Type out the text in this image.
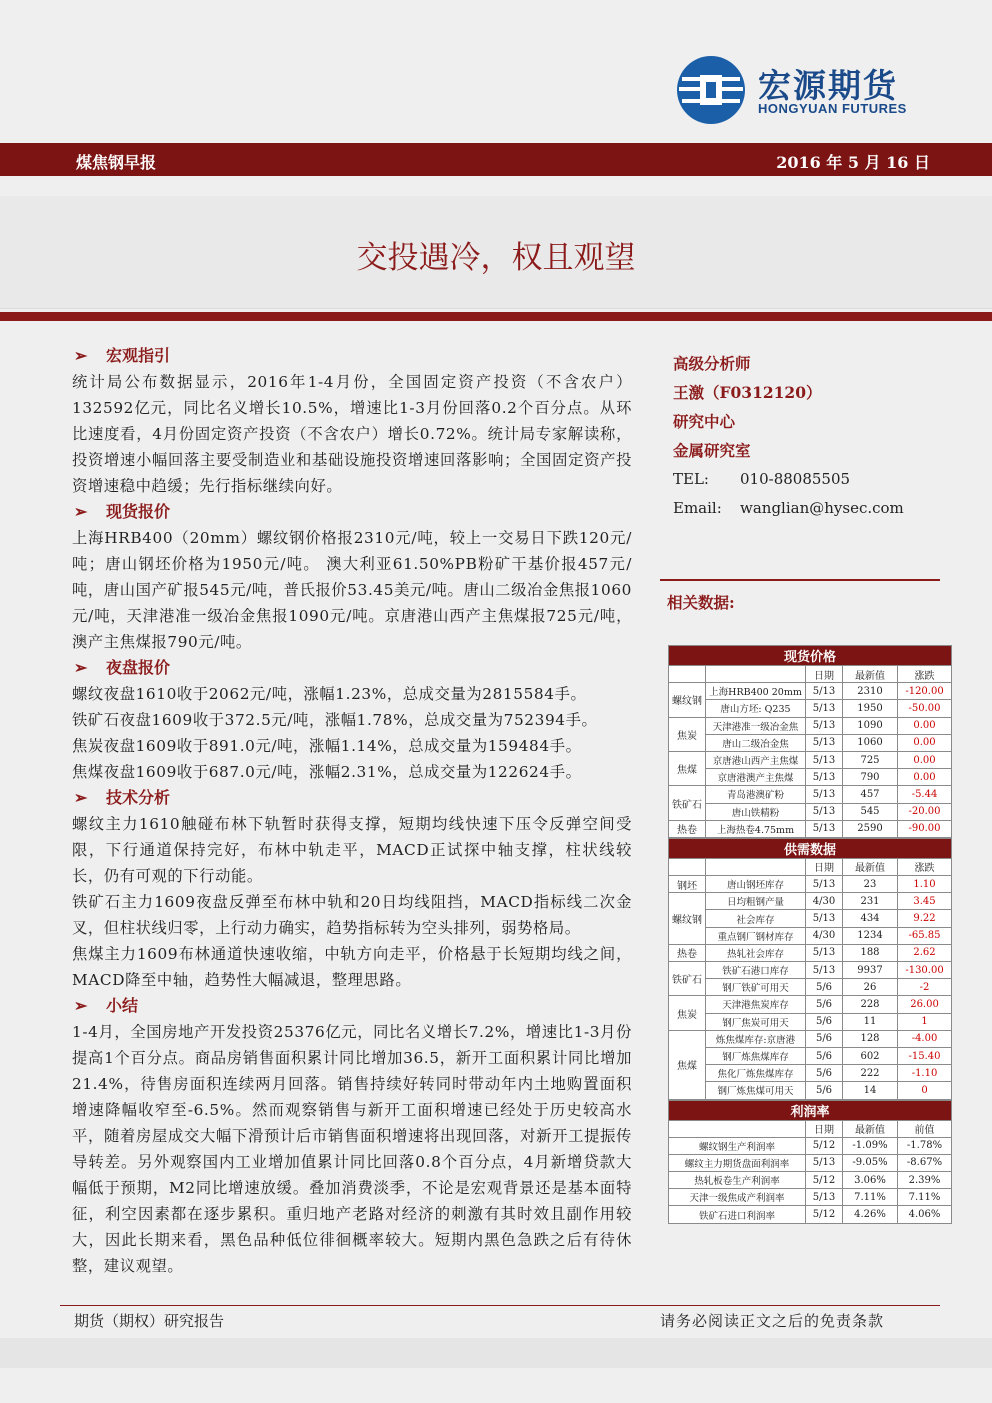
宏源期货
HONGYUAN FUTURES
煤焦钢早报	2016 年 5 月 16 日
交投遇冷，权且观望
➢ 宏观指引
统计局公布数据显示，2016年1-4月份，全国固定资产投资（不含农户）132592亿元，同比名义增长10.5%，增速比1-3月份回落0.2个百分点。从环比速度看，4月份固定资产投资（不含农户）增长0.72%。统计局专家解读称，投资增速小幅回落主要受制造业和基础设施投资增速回落影响；全国固定资产投资增速稳中趋缓；先行指标继续向好。
➢ 现货报价
上海HRB400（20mm）螺纹钢价格报2310元/吨，较上一交易日下跌120元/吨；唐山钢坯价格为1950元/吨。 澳大利亚61.50%PB粉矿干基价报457元/吨，唐山国产矿报545元/吨，普氏报价53.45美元/吨。唐山二级冶金焦报1060元/吨，天津港准一级冶金焦报1090元/吨。京唐港山西产主焦煤报725元/吨，澳产主焦煤报790元/吨。
➢ 夜盘报价
螺纹夜盘1610收于2062元/吨，涨幅1.23%，总成交量为2815584手。
铁矿石夜盘1609收于372.5元/吨，涨幅1.78%，总成交量为752394手。
焦炭夜盘1609收于891.0元/吨，涨幅1.14%，总成交量为159484手。
焦煤夜盘1609收于687.0元/吨，涨幅2.31%，总成交量为122624手。
➢ 技术分析
螺纹主力1610触碰布林下轨暂时获得支撑，短期均线快速下压令反弹空间受限，下行通道保持完好，布林中轨走平，MACD正试探中轴支撑，柱状线较长，仍有可观的下行动能。
铁矿石主力1609夜盘反弹至布林中轨和20日均线阻挡，MACD指标线二次金叉，但柱状线归零，上行动力确实，趋势指标转为空头排列，弱势格局。
焦煤主力1609布林通道快速收缩，中轨方向走平，价格悬于长短期均线之间，MACD降至中轴，趋势性大幅减退，整理思路。
➢ 小结
1-4月，全国房地产开发投资25376亿元，同比名义增长7.2%，增速比1-3月份提高1个百分点。商品房销售面积累计同比增加36.5，新开工面积累计同比增加21.4%，待售房面积连续两月回落。销售持续好转同时带动年内土地购置面积增速降幅收窄至-6.5%。然而观察销售与新开工面积增速已经处于历史较高水平，随着房屋成交大幅下滑预计后市销售面积增速将出现回落，对新开工提振传导转差。另外观察国内工业增加值累计同比回落0.8个百分点，4月新增贷款大幅低于预期，M2同比增速放缓。叠加消费淡季，不论是宏观背景还是基本面特征，利空因素都在逐步累积。重归地产老路对经济的刺激有其时效且副作用较大，因此长期来看，黑色品种低位徘徊概率较大。短期内黑色急跌之后有待休整，建议观望。
高级分析师
王激（F0312120）
研究中心
金属研究室
TEL:	010-88085505
Email:	wanglian@hysec.com
相关数据:
现货价格				
		日期	最新值	涨跌
螺纹钢	上海HRB400 20mm	5/13	2310	-120.00
	唐山方坯: Q235	5/13	1950	-50.00
焦炭	天津港准一级冶金焦	5/13	1090	0.00
	唐山二级冶金焦	5/13	1060	0.00
焦煤	京唐港山西产主焦煤	5/13	725	0.00
	京唐港澳产主焦煤	5/13	790	0.00
铁矿石	青岛港澳矿粉	5/13	457	-5.44
	唐山铁精粉	5/13	545	-20.00
热卷	上海热卷4.75mm	5/13	2590	-90.00
供需数据				
		日期	最新值	涨跌
钢坯	唐山钢坯库存	5/13	23	1.10
螺纹钢	日均粗钢产量	4/30	231	3.45
	社会库存	5/13	434	9.22
	重点钢厂钢材库存	4/30	1234	-65.85
热卷	热轧社会库存	5/13	188	2.62
铁矿石	铁矿石港口库存	5/13	9937	-130.00
	钢厂铁矿可用天	5/6	26	-2
焦炭	天津港焦炭库存	5/6	228	26.00
	钢厂焦炭可用天	5/6	11	1
焦煤	炼焦煤库存:京唐港	5/6	128	-4.00
	钢厂炼焦煤库存	5/6	602	-15.40
	焦化厂炼焦煤库存	5/6	222	-1.10
	钢厂炼焦煤可用天	5/6	14	0
利润率			
	日期	最新值	前值
螺纹钢生产利润率	5/12	-1.09%	-1.78%
螺纹主力期货盘面利润率	5/13	-9.05%	-8.67%
热轧板卷生产利润率	5/12	3.06%	2.39%
天津一级焦成产利润率	5/13	7.11%	7.11%
铁矿石进口利润率	5/12	4.26%	4.06%
期货（期权）研究报告	请务必阅读正文之后的免责条款
